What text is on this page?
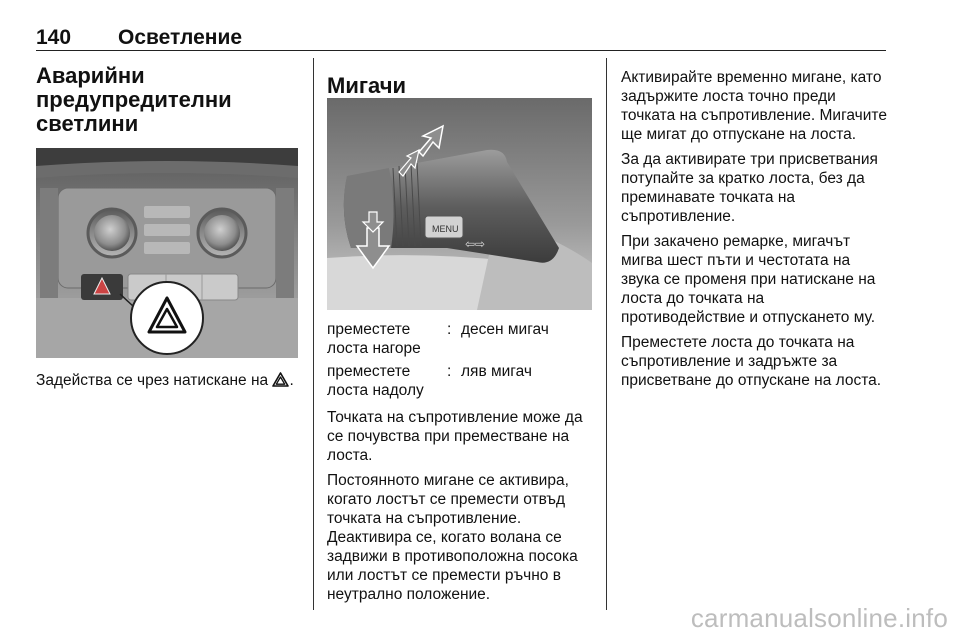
140 Осветление
Аварийни
предупредителни
светлини
Задействa се чрез натискане на .
Мигачи
MENU
⇦⇨
преместете
лоста нагоре
: десен мигач
преместете
лоста надолу
: ляв мигач

Точката на съпротивление може да се почувства при преместване на лоста.

Постоянното мигане се активира, когато лостът се премести отвъд точката на съпротивление. Деактивира се, когато волана се задвижи в противоположна посока или лостът се премести ръчно в неутрално положение.

Активирайте временно мигане, като задържите лоста точно преди точката на съпротивление. Мигачите ще мигат до отпускане на лоста.

За да активирате три присветвания потупайте за кратко лоста, без да преминавате точката на съпротивление.

При закачено ремарке, мигачът мигва шест пъти и честотата на звука се променя при натискане на лоста до точката на противодействие и отпускането му.

Преместете лоста до точката на съпротивление и задръжте за присветване до отпускане на лоста.

carmanualsonline.info
